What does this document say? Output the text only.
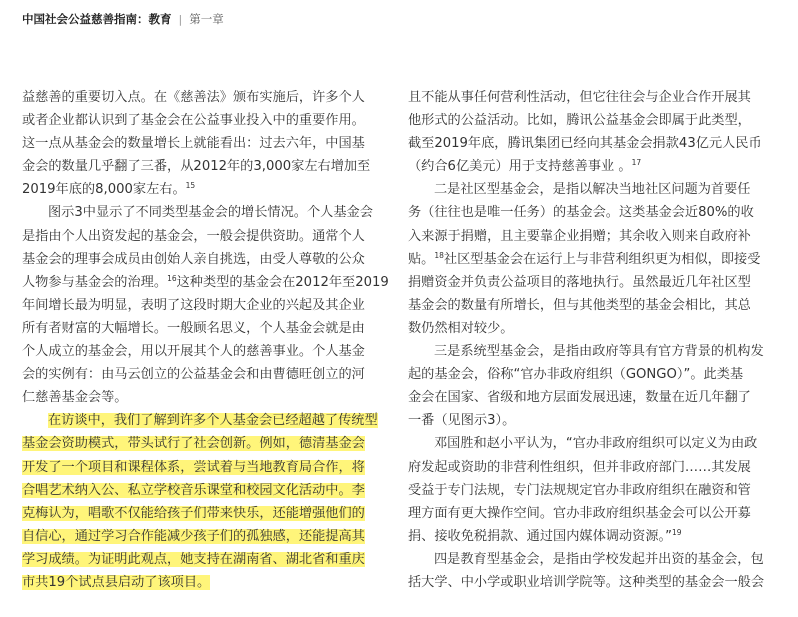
中国社会公益慈善指南：教育 | 第一章
益慈善的重要切入点。在《慈善法》颁布实施后，许多个人
或者企业都认识到了基金会在公益事业投入中的重要作用。
这一点从基金会的数量增长上就能看出：过去六年，中国基
金会的数量几乎翻了三番，从2012年的3,000家左右增加至
2019年底的8,000家左右。$^{15}$
图示3中显示了不同类型基金会的增长情况。个人基金会
是指由个人出资发起的基金会，一般会提供资助。通常个人
基金会的理事会成员由创始人亲自挑选，由受人尊敬的公众
人物参与基金会的治理。$^{16}$这种类型的基金会在2012年至2019
年间增长最为明显，表明了这段时期大企业的兴起及其企业
所有者财富的大幅增长。一般顾名思义，个人基金会就是由
个人成立的基金会，用以开展其个人的慈善事业。个人基金
会的实例有：由马云创立的公益基金会和由曹德旺创立的河
仁慈善基金会等。
在访谈中，我们了解到许多个人基金会已经超越了传统型
基金会资助模式，带头试行了社会创新。例如，德清基金会
开发了一个项目和课程体系，尝试着与当地教育局合作，将
合唱艺术纳入公、私立学校音乐课堂和校园文化活动中。李
克梅认为，唱歌不仅能给孩子们带来快乐，还能增强他们的
自信心，通过学习合作能减少孩子们的孤独感，还能提高其
学习成绩。为证明此观点，她支持在湖南省、湖北省和重庆
市共19个试点县启动了该项目。
且不能从事任何营利性活动，但它往往会与企业合作开展其
他形式的公益活动。比如，腾讯公益基金会即属于此类型，
截至2019年底，腾讯集团已经向其基金会捐款43亿元人民币
（约合6亿美元）用于支持慈善事业 。$^{17}$
二是社区型基金会，是指以解决当地社区问题为首要任
务（往往也是唯一任务）的基金会。这类基金会近80%的收
入来源于捐赠，且主要靠企业捐赠；其余收入则来自政府补
贴。$^{18}$社区型基金会在运行上与非营利组织更为相似，即接受
捐赠资金并负责公益项目的落地执行。虽然最近几年社区型
基金会的数量有所增长，但与其他类型的基金会相比，其总
数仍然相对较少。
三是系统型基金会，是指由政府等具有官方背景的机构发
起的基金会，俗称“官办非政府组织（GONGO）”。此类基
金会在国家、省级和地方层面发展迅速，数量在近几年翻了
一番（见图示3）。
邓国胜和赵小平认为，“官办非政府组织可以定义为由政
府发起或资助的非营利性组织，但并非政府部门……其发展
受益于专门法规，专门法规规定官办非政府组织在融资和管
理方面有更大操作空间。官办非政府组织基金会可以公开募
捐、接收免税捐款、通过国内媒体调动资源。”$^{19}$
四是教育型基金会，是指由学校发起并出资的基金会，包
括大学、中小学或职业培训学院等。这种类型的基金会一般会
